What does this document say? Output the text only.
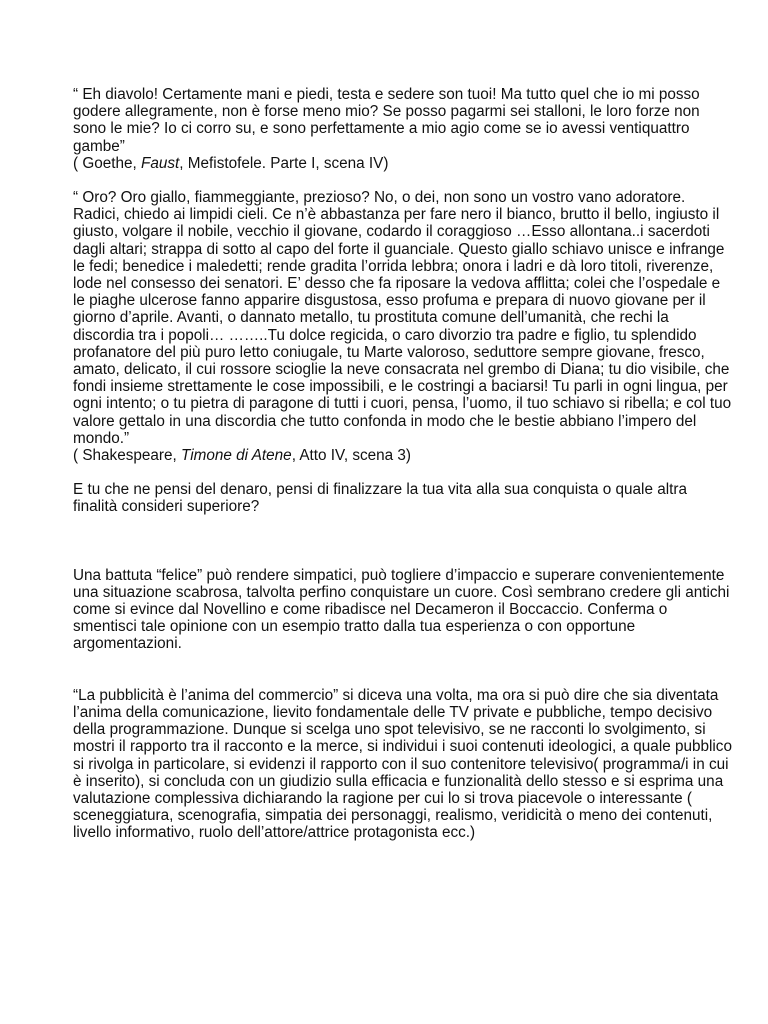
“ Eh diavolo! Certamente mani e piedi, testa e sedere son tuoi! Ma tutto quel che io mi posso godere allegramente, non è forse meno mio? Se posso pagarmi sei stalloni, le loro forze non sono le mie? Io ci corro su, e sono perfettamente a mio agio come se io avessi ventiquattro gambe”

( Goethe, Faust, Mefistofele. Parte I, scena IV)

“ Oro? Oro giallo, fiammeggiante, prezioso? No, o dei, non sono un vostro vano adoratore. Radici, chiedo ai limpidi cieli. Ce n’è abbastanza per fare nero il bianco, brutto il bello, ingiusto il giusto, volgare il nobile, vecchio il giovane, codardo il coraggioso …Esso allontana..i sacerdoti dagli altari; strappa di sotto al capo del forte il guanciale. Questo giallo schiavo unisce e infrange le fedi; benedice i maledetti; rende gradita l’orrida lebbra; onora i ladri e dà loro titoli, riverenze, lode nel consesso dei senatori. E’ desso che fa riposare la vedova afflitta; colei che l’ospedale e le piaghe ulcerose fanno apparire disgustosa, esso profuma e prepara di nuovo giovane per il giorno d’aprile. Avanti, o dannato metallo, tu prostituta comune dell’umanità, che rechi la discordia tra i popoli… ……..Tu dolce regicida, o caro divorzio tra padre e figlio, tu splendido profanatore del più puro letto coniugale, tu Marte valoroso, seduttore sempre giovane, fresco, amato, delicato, il cui rossore scioglie la neve consacrata nel grembo di Diana; tu dio visibile, che fondi insieme strettamente le cose impossibili, e le costringi a baciarsi! Tu parli in ogni lingua, per ogni intento; o tu pietra di paragone di tutti i cuori, pensa, l’uomo, il tuo schiavo si ribella; e col tuo valore gettalo in una discordia che tutto confonda in modo che le bestie abbiano l’impero del mondo.”

( Shakespeare, Timone di Atene, Atto IV, scena 3)

E tu che ne pensi del denaro, pensi di finalizzare la tua vita alla sua conquista o quale altra finalità consideri superiore?

Una battuta “felice” può rendere simpatici, può togliere d’impaccio e superare convenientemente una situazione scabrosa, talvolta perfino conquistare un cuore. Così sembrano credere gli antichi come si evince dal Novellino e come ribadisce nel Decameron il Boccaccio. Conferma o smentisci tale opinione con un esempio tratto dalla tua esperienza o con opportune argomentazioni.

“La pubblicità è l’anima del commercio” si diceva una volta, ma ora si può dire che sia diventata l’anima della comunicazione, lievito fondamentale delle TV private e pubbliche, tempo decisivo della programmazione. Dunque si scelga uno spot televisivo, se ne racconti lo svolgimento, si mostri il rapporto tra il racconto e la merce, si individui i suoi contenuti ideologici, a quale pubblico si rivolga in particolare, si evidenzi il rapporto con il suo contenitore televisivo( programma/i in cui è inserito), si concluda con un giudizio sulla efficacia e funzionalità dello stesso e si esprima una valutazione complessiva dichiarando la ragione per cui lo si trova piacevole o interessante ( sceneggiatura, scenografia, simpatia dei personaggi, realismo, veridicità o meno dei contenuti, livello informativo, ruolo dell’attore/attrice protagonista ecc.)
